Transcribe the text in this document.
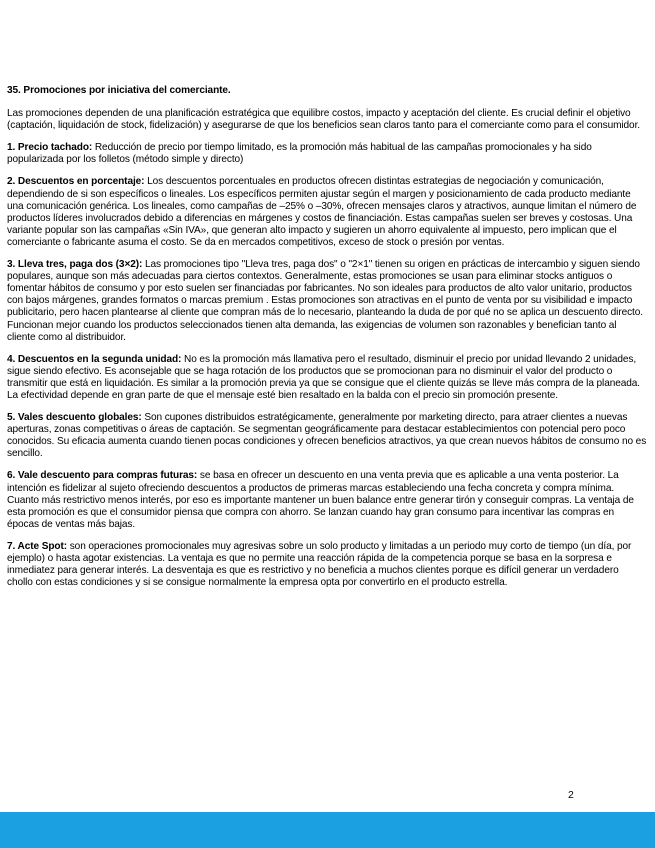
35. Promociones por iniciativa del comerciante.

Las promociones dependen de una planificación estratégica que equilibre costos, impacto y aceptación del cliente. Es crucial definir el objetivo (captación, liquidación de stock, fidelización) y asegurarse de que los beneficios sean claros tanto para el comerciante como para el consumidor.

1. Precio tachado: Reducción de precio por tiempo limitado, es la promoción más habitual de las campañas promocionales y ha sido popularizada por los folletos (método simple y directo)

2. Descuentos en porcentaje: Los descuentos porcentuales en productos ofrecen distintas estrategias de negociación y comunicación, dependiendo de si son específicos o lineales. Los específicos permiten ajustar según el margen y posicionamiento de cada producto mediante una comunicación genérica. Los lineales, como campañas de –25% o –30%, ofrecen mensajes claros y atractivos, aunque limitan el número de productos líderes involucrados debido a diferencias en márgenes y costos de financiación. Estas campañas suelen ser breves y costosas. Una variante popular son las campañas «Sin IVA», que generan alto impacto y sugieren un ahorro equivalente al impuesto, pero implican que el comerciante o fabricante asuma el costo. Se da en mercados competitivos, exceso de stock o presión por ventas.

3. Lleva tres, paga dos (3×2): Las promociones tipo "Lleva tres, paga dos" o "2×1" tienen su origen en prácticas de intercambio y siguen siendo populares, aunque son más adecuadas para ciertos contextos. Generalmente, estas promociones se usan para eliminar stocks antiguos o fomentar hábitos de consumo y por esto suelen ser financiadas por fabricantes. No son ideales para productos de alto valor unitario, productos con bajos márgenes, grandes formatos o marcas premium . Estas promociones son atractivas en el punto de venta por su visibilidad e impacto publicitario, pero hacen plantearse al cliente que compran más de lo necesario, planteando la duda de por qué no se aplica un descuento directo. Funcionan mejor cuando los productos seleccionados tienen alta demanda, las exigencias de volumen son razonables y benefician tanto al cliente como al distribuidor.

4. Descuentos en la segunda unidad: No es la promoción más llamativa pero el resultado, disminuir el precio por unidad llevando 2 unidades, sigue siendo efectivo. Es aconsejable que se haga rotación de los productos que se promocionan para no disminuir el valor del producto o transmitir que está en liquidación. Es similar a la promoción previa ya que se consigue que el cliente quizás se lleve más compra de la planeada. La efectividad depende en gran parte de que el mensaje esté bien resaltado en la balda con el precio sin promoción presente.

5. Vales descuento globales: Son cupones distribuidos estratégicamente, generalmente por marketing directo, para atraer clientes a nuevas aperturas, zonas competitivas o áreas de captación. Se segmentan geográficamente para destacar establecimientos con potencial pero poco conocidos. Su eficacia aumenta cuando tienen pocas condiciones y ofrecen beneficios atractivos, ya que crean nuevos hábitos de consumo no es sencillo.

6. Vale descuento para compras futuras: se basa en ofrecer un descuento en una venta previa que es aplicable a una venta posterior. La intención es fidelizar al sujeto ofreciendo descuentos a productos de primeras marcas estableciendo una fecha concreta y compra mínima. Cuanto más restrictivo menos interés, por eso es importante mantener un buen balance entre generar tirón y conseguir compras. La ventaja de esta promoción es que el consumidor piensa que compra con ahorro. Se lanzan cuando hay gran consumo para incentivar las compras en épocas de ventas más bajas.

7. Acte Spot: son operaciones promocionales muy agresivas sobre un solo producto y limitadas a un periodo muy corto de tiempo (un día, por ejemplo) o hasta agotar existencias. La ventaja es que no permite una reacción rápida de la competencia porque se basa en la sorpresa e inmediatez para generar interés. La desventaja es que es restrictivo y no beneficia a muchos clientes porque es difícil generar un verdadero chollo con estas condiciones y si se consigue normalmente la empresa opta por convertirlo en el producto estrella.

2
